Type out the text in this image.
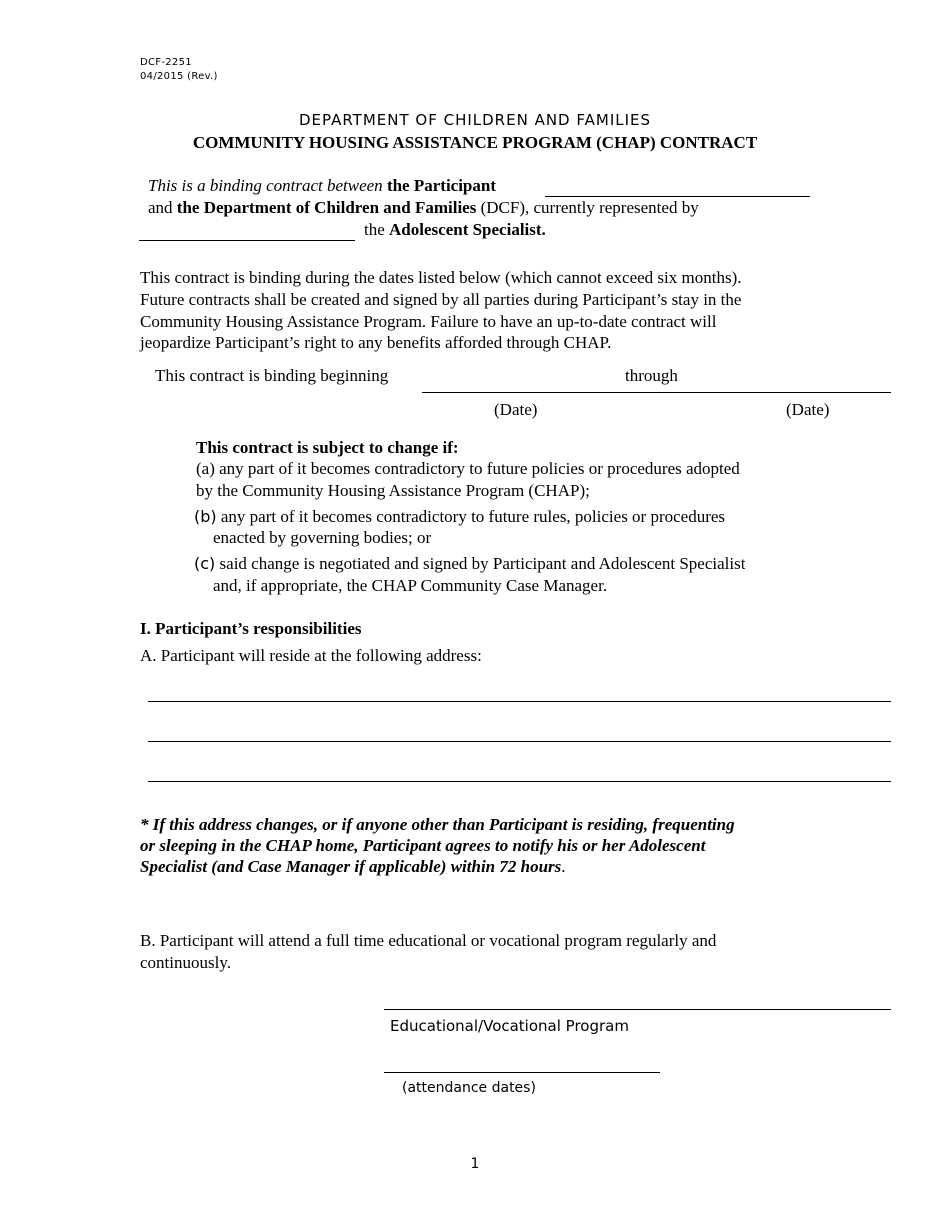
DCF-2251
04/2015 (Rev.)
DEPARTMENT OF CHILDREN AND FAMILIES
COMMUNITY HOUSING ASSISTANCE PROGRAM (CHAP) CONTRACT
This is a binding contract between the Participant
and the Department of Children and Families (DCF), currently represented by
the Adolescent Specialist.
This contract is binding during the dates listed below (which cannot exceed six months).
Future contracts shall be created and signed by all parties during Participant’s stay in the
Community Housing Assistance Program. Failure to have an up-to-date contract will
jeopardize Participant’s right to any benefits afforded through CHAP.
This contract is binding beginning	through
(Date)	(Date)
This contract is subject to change if:
(a) any part of it becomes contradictory to future policies or procedures adopted
by the Community Housing Assistance Program (CHAP);
(b) any part of it becomes contradictory to future rules, policies or procedures
enacted by governing bodies; or
(c) said change is negotiated and signed by Participant and Adolescent Specialist
and, if appropriate, the CHAP Community Case Manager.
I. Participant’s responsibilities
A. Participant will reside at the following address:
* If this address changes, or if anyone other than Participant is residing, frequenting
or sleeping in the CHAP home, Participant agrees to notify his or her Adolescent
Specialist (and Case Manager if applicable) within 72 hours.
B. Participant will attend a full time educational or vocational program regularly and
continuously.
Educational/Vocational Program
(attendance dates)
1
